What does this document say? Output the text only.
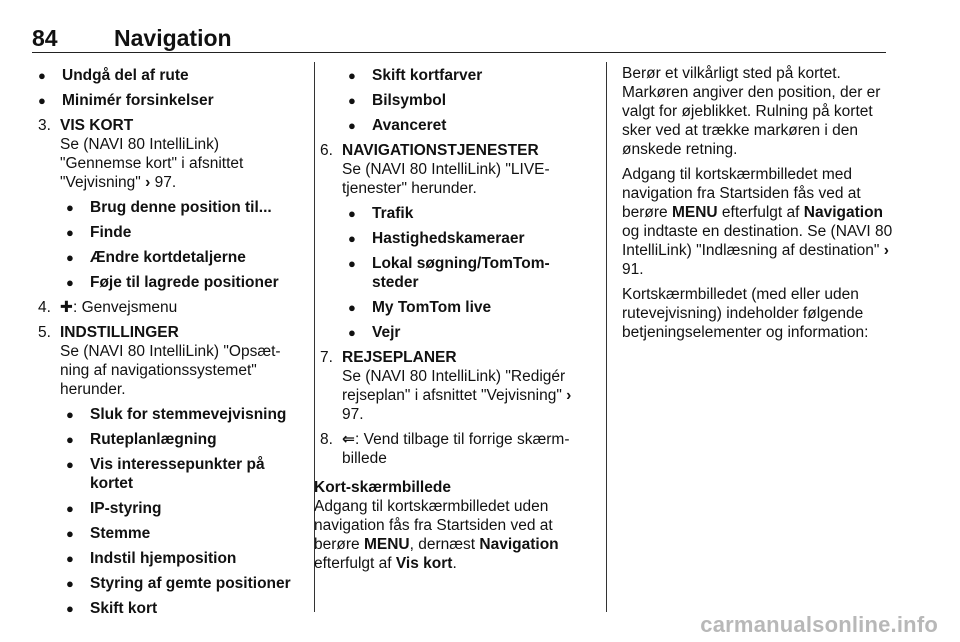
84 Navigation
● Undgå del af rute
● Minimér forsinkelser
3. VIS KORT
Se (NAVI 80 IntelliLink) "Gennemse kort" i afsnittet "Vejvisning" › 97.
● Brug denne position til...
● Finde
● Ændre kortdetaljerne
● Føje til lagrede positioner
4. ✚: Genvejsmenu
5. INDSTILLINGER
Se (NAVI 80 IntelliLink) "Opsæt-ning af navigationssystemet" herunder.
● Sluk for stemmevejvisning
● Ruteplanlægning
● Vis interessepunkter på kortet
● IP-styring
● Stemme
● Indstil hjemposition
● Styring af gemte positioner
● Skift kort
● Skift kortfarver
● Bilsymbol
● Avanceret
6. NAVIGATIONSTJENESTER
Se (NAVI 80 IntelliLink) "LIVE-tjenester" herunder.
● Trafik
● Hastighedskameraer
● Lokal søgning/TomTom-steder
● My TomTom live
● Vejr
7. REJSEPLANER
Se (NAVI 80 IntelliLink) "Redigér rejseplan" i afsnittet "Vejvisning" › 97.
8. ⇐: Vend tilbage til forrige skærm-billede
Kort-skærmbillede
Adgang til kortskærmbilledet uden navigation fås fra Startsiden ved at berøre MENU, dernæst Navigation efterfulgt af Vis kort.

Berør et vilkårligt sted på kortet. Markøren angiver den position, der er valgt for øjeblikket. Rulning på kortet sker ved at trække markøren i den ønskede retning.

Adgang til kortskærmbilledet med navigation fra Startsiden fås ved at berøre MENU efterfulgt af Navigation og indtaste en destination. Se (NAVI 80 IntelliLink) "Indlæsning af destination" › 91.

Kortskærmbilledet (med eller uden rutevejvisning) indeholder følgende betjeningselementer og information:

carmanualsonline.info
